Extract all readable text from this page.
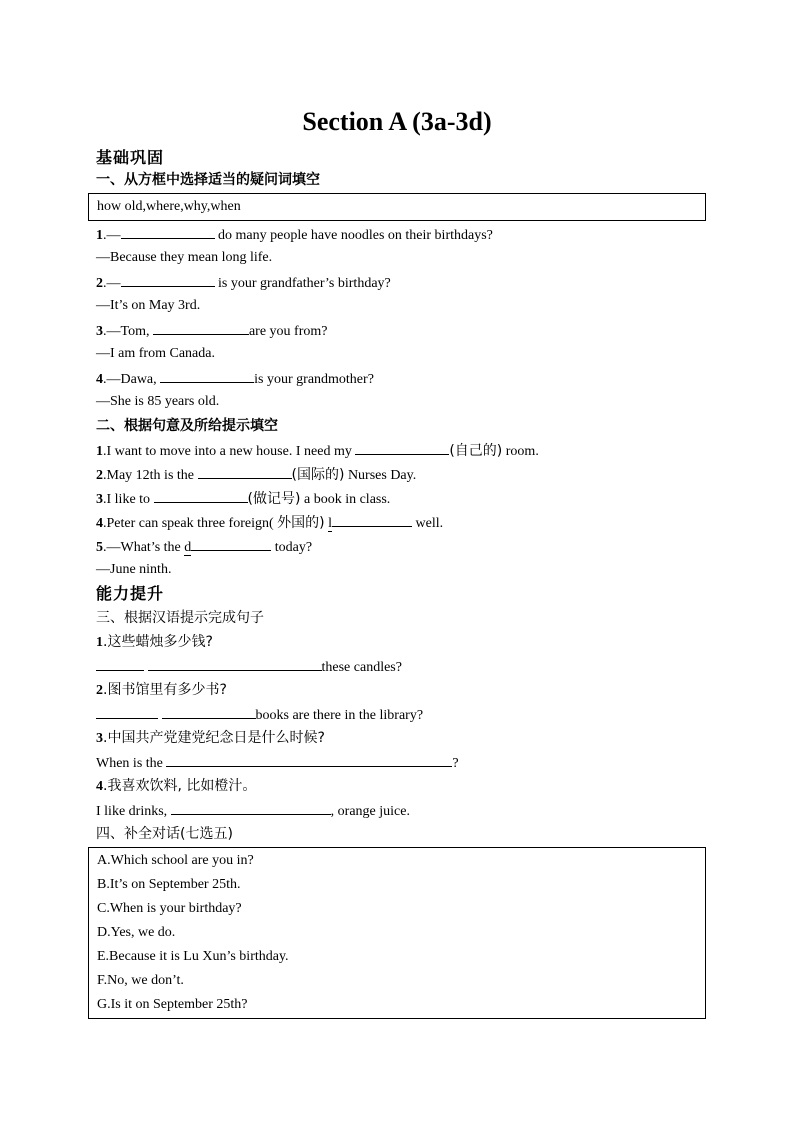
Section A (3a-3d)
基础巩固
一、从方框中选择适当的疑问词填空
how old,where,why,when
1.—	do many people have noodles on their birthdays?
—Because they mean long life.
2.—	is your grandfather’s birthday?
—It’s on May 3rd.
3.—Tom,	are you from?
—I am from Canada.
4.—Dawa,	is your grandmother?
—She is 85 years old.
二、根据句意及所给提示填空
1.I want to move into a new house. I need my	(自己的) room.
2.May 12th is the	(国际的) Nurses Day.
3.I like to	(做记号) a book in class.
4.Peter can speak three foreign( 外国的) l	well.
5.—What’s the d	today?
—June ninth.
能力提升
三、根据汉语提示完成句子
1.这些蜡烛多少钱?
these candles?
2.图书馆里有多少书?
books are there in the library?
3.中国共产党建党纪念日是什么时候?
When is the	?
4.我喜欢饮料, 比如橙汁。
I like drinks,	, orange juice.
四、补全对话(七选五)
A.Which school are you in?
B.It’s on September 25th.
C.When is your birthday?
D.Yes, we do.
E.Because it is Lu Xun’s birthday.
F.No, we don’t.
G.Is it on September 25th?
